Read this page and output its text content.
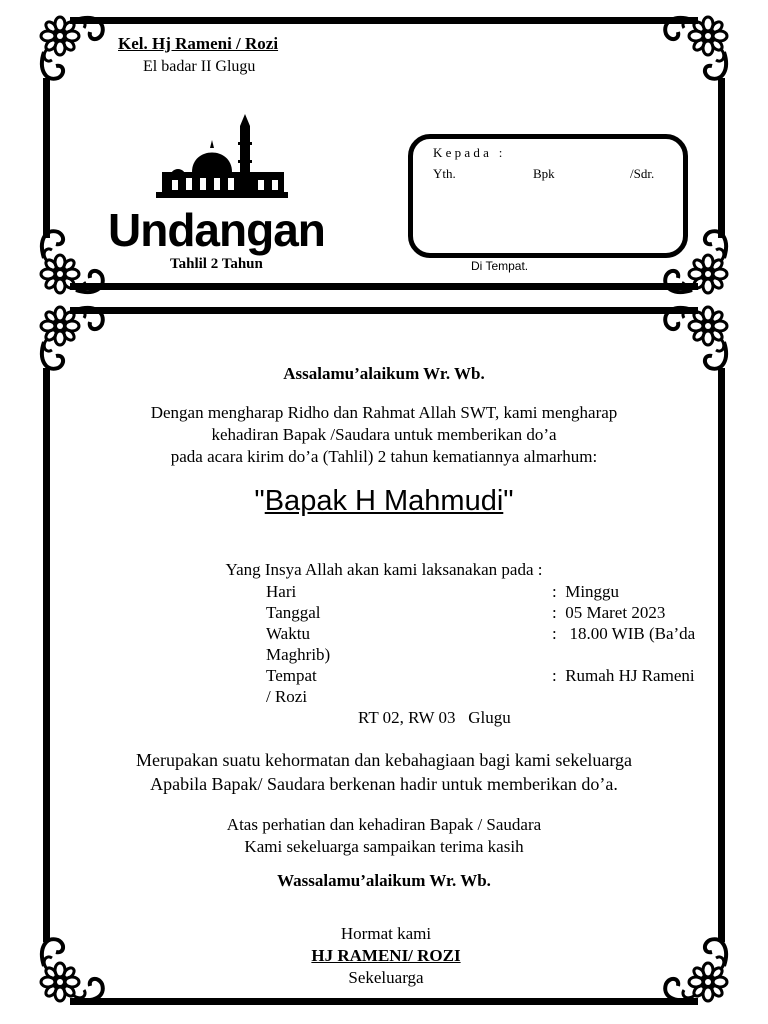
Kel. Hj Rameni / Rozi
El badar II Glugu
Undangan
Tahlil 2 Tahun
K e p a d a   :
Yth.	Bpk	/Sdr.
Di Tempat.
Assalamu’alaikum Wr. Wb.
Dengan mengharap Ridho dan Rahmat Allah SWT, kami mengharap
kehadiran Bapak /Saudara untuk memberikan do’a
pada acara kirim do’a (Tahlil) 2 tahun kematiannya almarhum:
"Bapak H Mahmudi"
Yang Insya Allah akan kami laksanakan pada :
Hari	:  Minggu
Tanggal	:  05 Maret 2023
Waktu	:   18.00 WIB (Ba’da
Maghrib)
Tempat	:  Rumah HJ Rameni
/ Rozi
RT 02, RW 03   Glugu
Merupakan suatu kehormatan dan kebahagiaan bagi kami sekeluarga
Apabila Bapak/ Saudara berkenan hadir untuk memberikan do’a.
Atas perhatian dan kehadiran Bapak / Saudara
Kami sekeluarga sampaikan terima kasih
Wassalamu’alaikum Wr. Wb.
Hormat kami
HJ RAMENI/ ROZI
Sekeluarga
